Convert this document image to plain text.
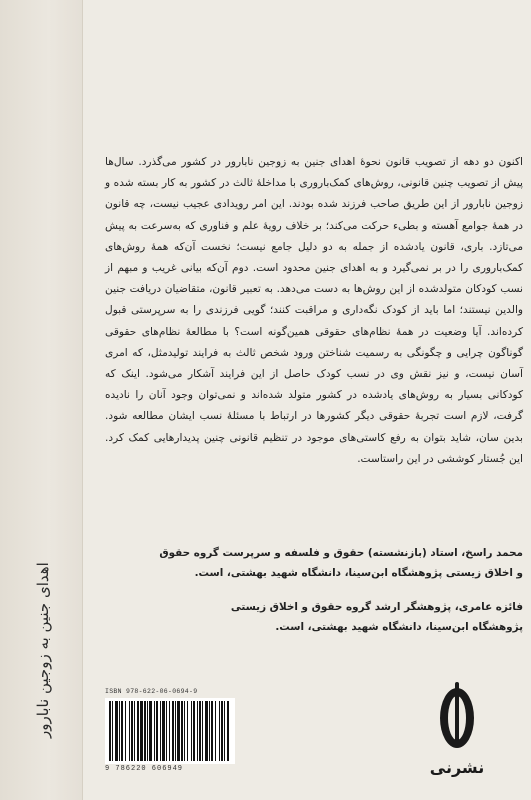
اهدای جنین به زوجین نابارور
اکنون دو دهه از تصویب قانون نحوهٔ اهدای جنین به زوجین نابارور در کشور می‌گذرد. سال‌ها پیش از تصویب چنین قانونی، روش‌های کمک‌باروری با مداخلهٔ ثالث در کشور به کار بسته شده و زوجین نابارور از این طریق صاحب فرزند شده بودند. این امر رویدادی عجیب نیست، چه قانون در همهٔ جوامع آهسته و بطیء حرکت می‌کند؛ بر خلاف رویهٔ علم و فناوری که به‌سرعت به پیش می‌تازد. باری، قانون یادشده از جمله به دو دلیل جامع نیست؛ نخست آن‌که همهٔ روش‌های کمک‌باروری را در بر نمی‌گیرد و به اهدای جنین محدود است. دوم آن‌که بیانی غریب و مبهم از نسب کودکان متولدشده از این روش‌ها به دست می‌دهد. به تعبیر قانون، متقاضیان دریافت جنین والدین نیستند؛ اما باید از کودک نگه‌داری و مراقبت کنند؛ گویی فرزندی را به سرپرستی قبول کرده‌اند. آیا وضعیت در همهٔ نظام‌های حقوقی همین‌گونه است؟ با مطالعهٔ نظام‌های حقوقی گوناگون چرایی و چگونگی به رسمیت شناختن ورود شخص ثالث به فرایند تولیدمثل، که امری آسان نیست، و نیز نقش وی در نسب کودک حاصل از این فرایند آشکار می‌شود. اینک که کودکانی بسیار به روش‌های یادشده در کشور متولد شده‌اند و نمی‌توان وجود آنان را نادیده گرفت، لازم است تجربهٔ حقوقی دیگر کشورها در ارتباط با مسئلهٔ نسب ایشان مطالعه شود. بدین سان، شاید بتوان به رفع کاستی‌های موجود در تنظیم قانونی چنین پدیدارهایی کمک کرد. این جُستار کوششی در این راستاست.
محمد راسخ، استاد (بازنشسته) حقوق و فلسفه و سرپرست گروه حقوق
و اخلاق زیستی پژوهشگاه ابن‌سینا، دانشگاه شهید بهشتی، است.
فائزه عامری، پژوهشگر ارشد گروه حقوق و اخلاق زیستی
پژوهشگاه ابن‌سینا، دانشگاه شهید بهشتی، است.
ISBN 978-622-06-0694-9
9 786220 606949	نشرنی
